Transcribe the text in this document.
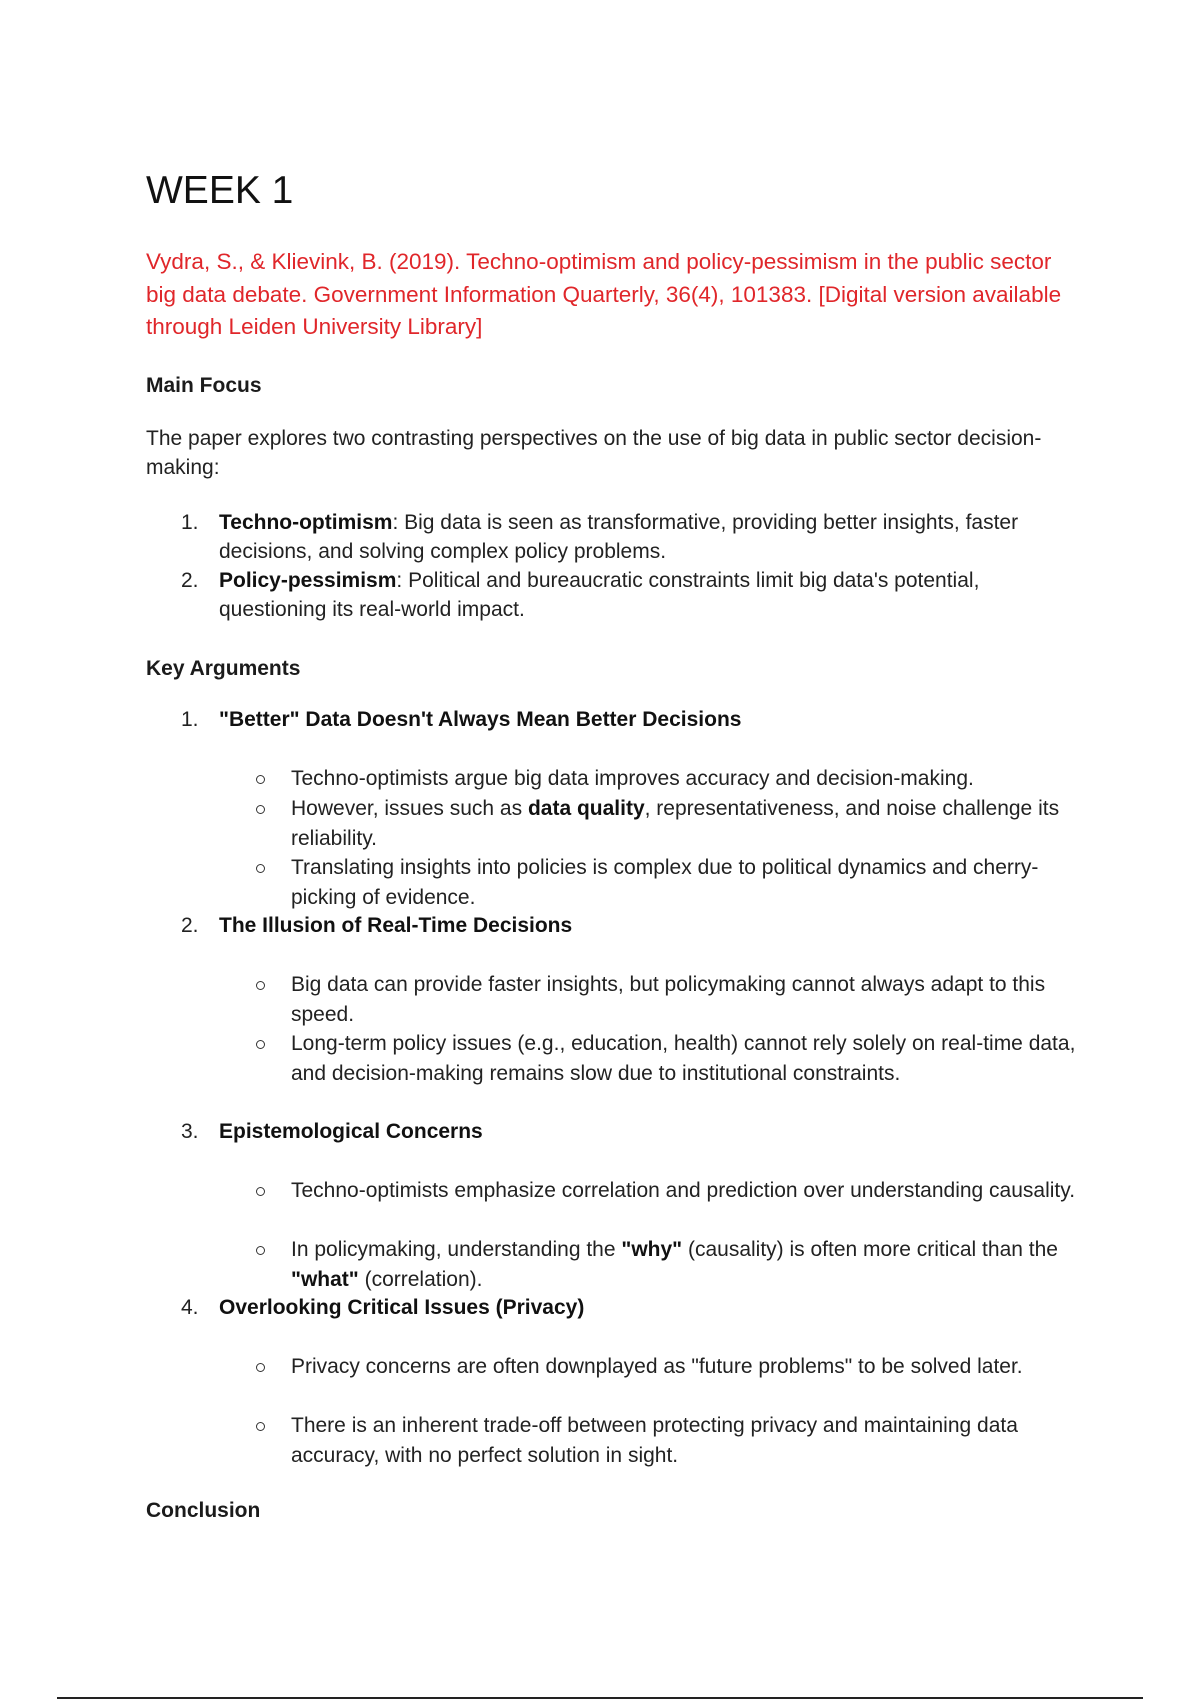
WEEK 1
Vydra, S., & Klievink, B. (2019). Techno-optimism and policy-pessimism in the public sector big data debate. Government Information Quarterly, 36(4), 101383. [Digital version available through Leiden University Library]
Main Focus
The paper explores two contrasting perspectives on the use of big data in public sector decision-making:
1. Techno-optimism: Big data is seen as transformative, providing better insights, faster decisions, and solving complex policy problems.
2. Policy-pessimism: Political and bureaucratic constraints limit big data's potential, questioning its real-world impact.
Key Arguments
1. "Better" Data Doesn't Always Mean Better Decisions
Techno-optimists argue big data improves accuracy and decision-making.
However, issues such as data quality, representativeness, and noise challenge its reliability.
Translating insights into policies is complex due to political dynamics and cherry-picking of evidence.
2. The Illusion of Real-Time Decisions
Big data can provide faster insights, but policymaking cannot always adapt to this speed.
Long-term policy issues (e.g., education, health) cannot rely solely on real-time data, and decision-making remains slow due to institutional constraints.
3. Epistemological Concerns
Techno-optimists emphasize correlation and prediction over understanding causality.
In policymaking, understanding the "why" (causality) is often more critical than the "what" (correlation).
4. Overlooking Critical Issues (Privacy)
Privacy concerns are often downplayed as "future problems" to be solved later.
There is an inherent trade-off between protecting privacy and maintaining data accuracy, with no perfect solution in sight.
Conclusion
